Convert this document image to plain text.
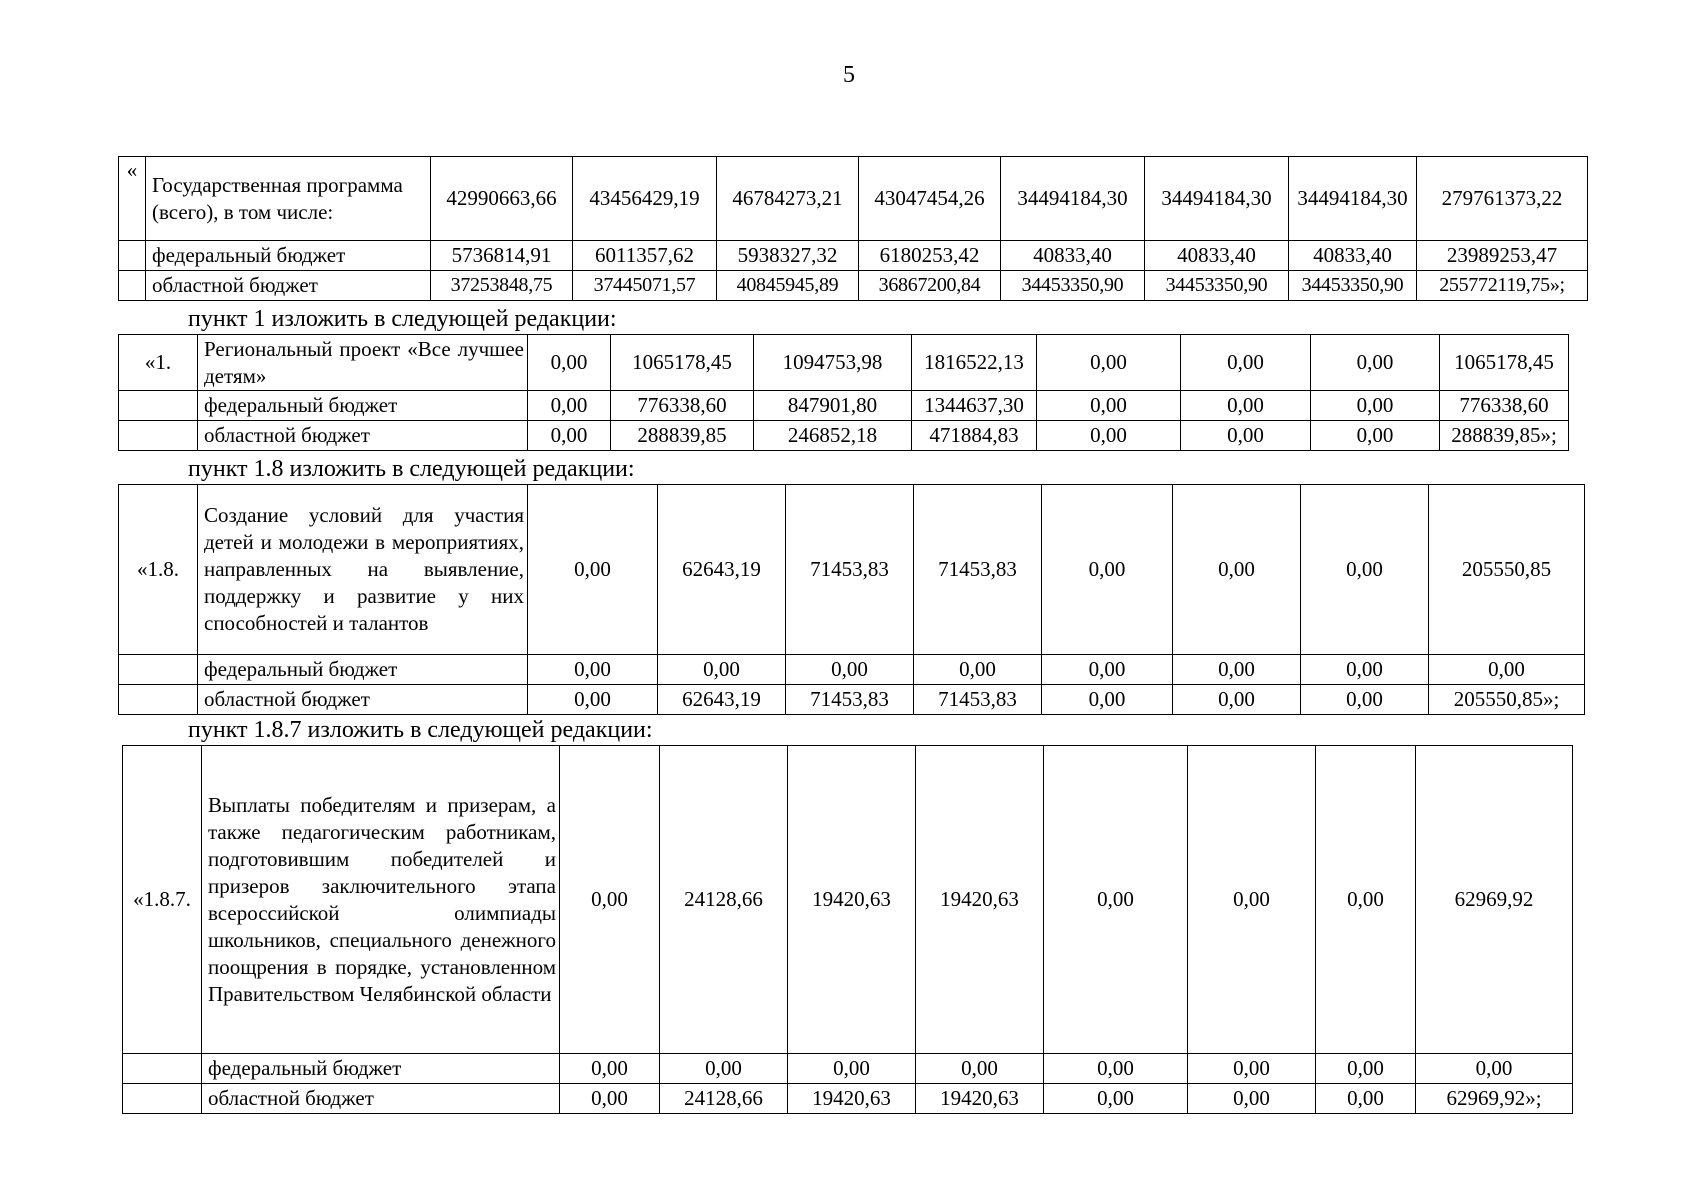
5
«	Государственная программа (всего), в том числе:	42990663,66	43456429,19	46784273,21	43047454,26	34494184,30	34494184,30	34494184,30	279761373,22
	федеральный бюджет	5736814,91	6011357,62	5938327,32	6180253,42	40833,40	40833,40	40833,40	23989253,47
	областной бюджет	37253848,75	37445071,57	40845945,89	36867200,84	34453350,90	34453350,90	34453350,90	255772119,75»;
пункт 1 изложить в следующей редакции:
«1.	Региональный проект «Все лучшее детям»	0,00	1065178,45	1094753,98	1816522,13	0,00	0,00	0,00	1065178,45
	федеральный бюджет	0,00	776338,60	847901,80	1344637,30	0,00	0,00	0,00	776338,60
	областной бюджет	0,00	288839,85	246852,18	471884,83	0,00	0,00	0,00	288839,85»;
пункт 1.8 изложить в следующей редакции:
«1.8.	Создание условий для участия детей и молодежи в мероприятиях, направленных на выявление, поддержку и развитие у них способностей и талантов	0,00	62643,19	71453,83	71453,83	0,00	0,00	0,00	205550,85
	федеральный бюджет	0,00	0,00	0,00	0,00	0,00	0,00	0,00	0,00
	областной бюджет	0,00	62643,19	71453,83	71453,83	0,00	0,00	0,00	205550,85»;
пункт 1.8.7 изложить в следующей редакции:
«1.8.7.	Выплаты победителям и призерам, а также педагогическим работникам, подготовившим победителей и призеров заключительного этапа всероссийской олимпиады школьников, специального денежного поощрения в порядке, установленном Правительством Челябинской области	0,00	24128,66	19420,63	19420,63	0,00	0,00	0,00	62969,92
	федеральный бюджет	0,00	0,00	0,00	0,00	0,00	0,00	0,00	0,00
	областной бюджет	0,00	24128,66	19420,63	19420,63	0,00	0,00	0,00	62969,92»;
